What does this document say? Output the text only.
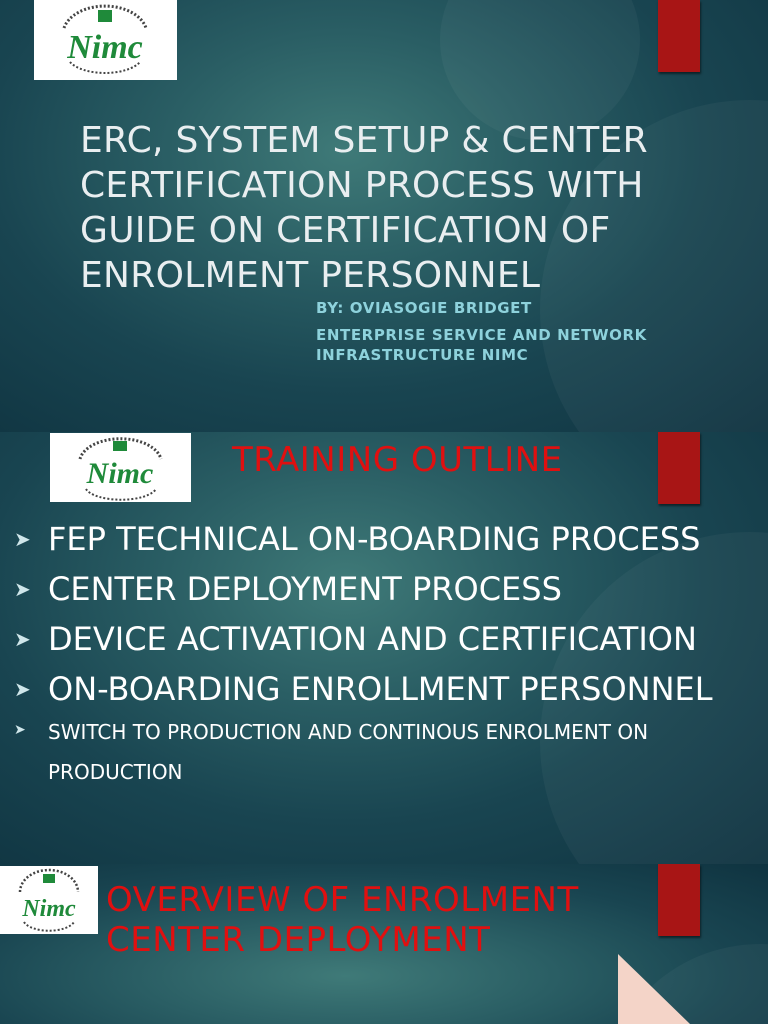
Nimc
ERC, SYSTEM SETUP & CENTER CERTIFICATION PROCESS WITH GUIDE ON CERTIFICATION OF ENROLMENT PERSONNEL
BY: OVIASOGIE BRIDGET
ENTERPRISE SERVICE AND NETWORK
INFRASTRUCTURE NIMC
Nimc TRAINING OUTLINE
➤ FEP TECHNICAL ON-BOARDING PROCESS
➤ CENTER DEPLOYMENT PROCESS
➤ DEVICE ACTIVATION AND CERTIFICATION
➤ ON-BOARDING ENROLLMENT PERSONNEL
➤ SWITCH TO PRODUCTION AND CONTINOUS ENROLMENT ON PRODUCTION
Nimc OVERVIEW OF ENROLMENT
CENTER DEPLOYMENT
